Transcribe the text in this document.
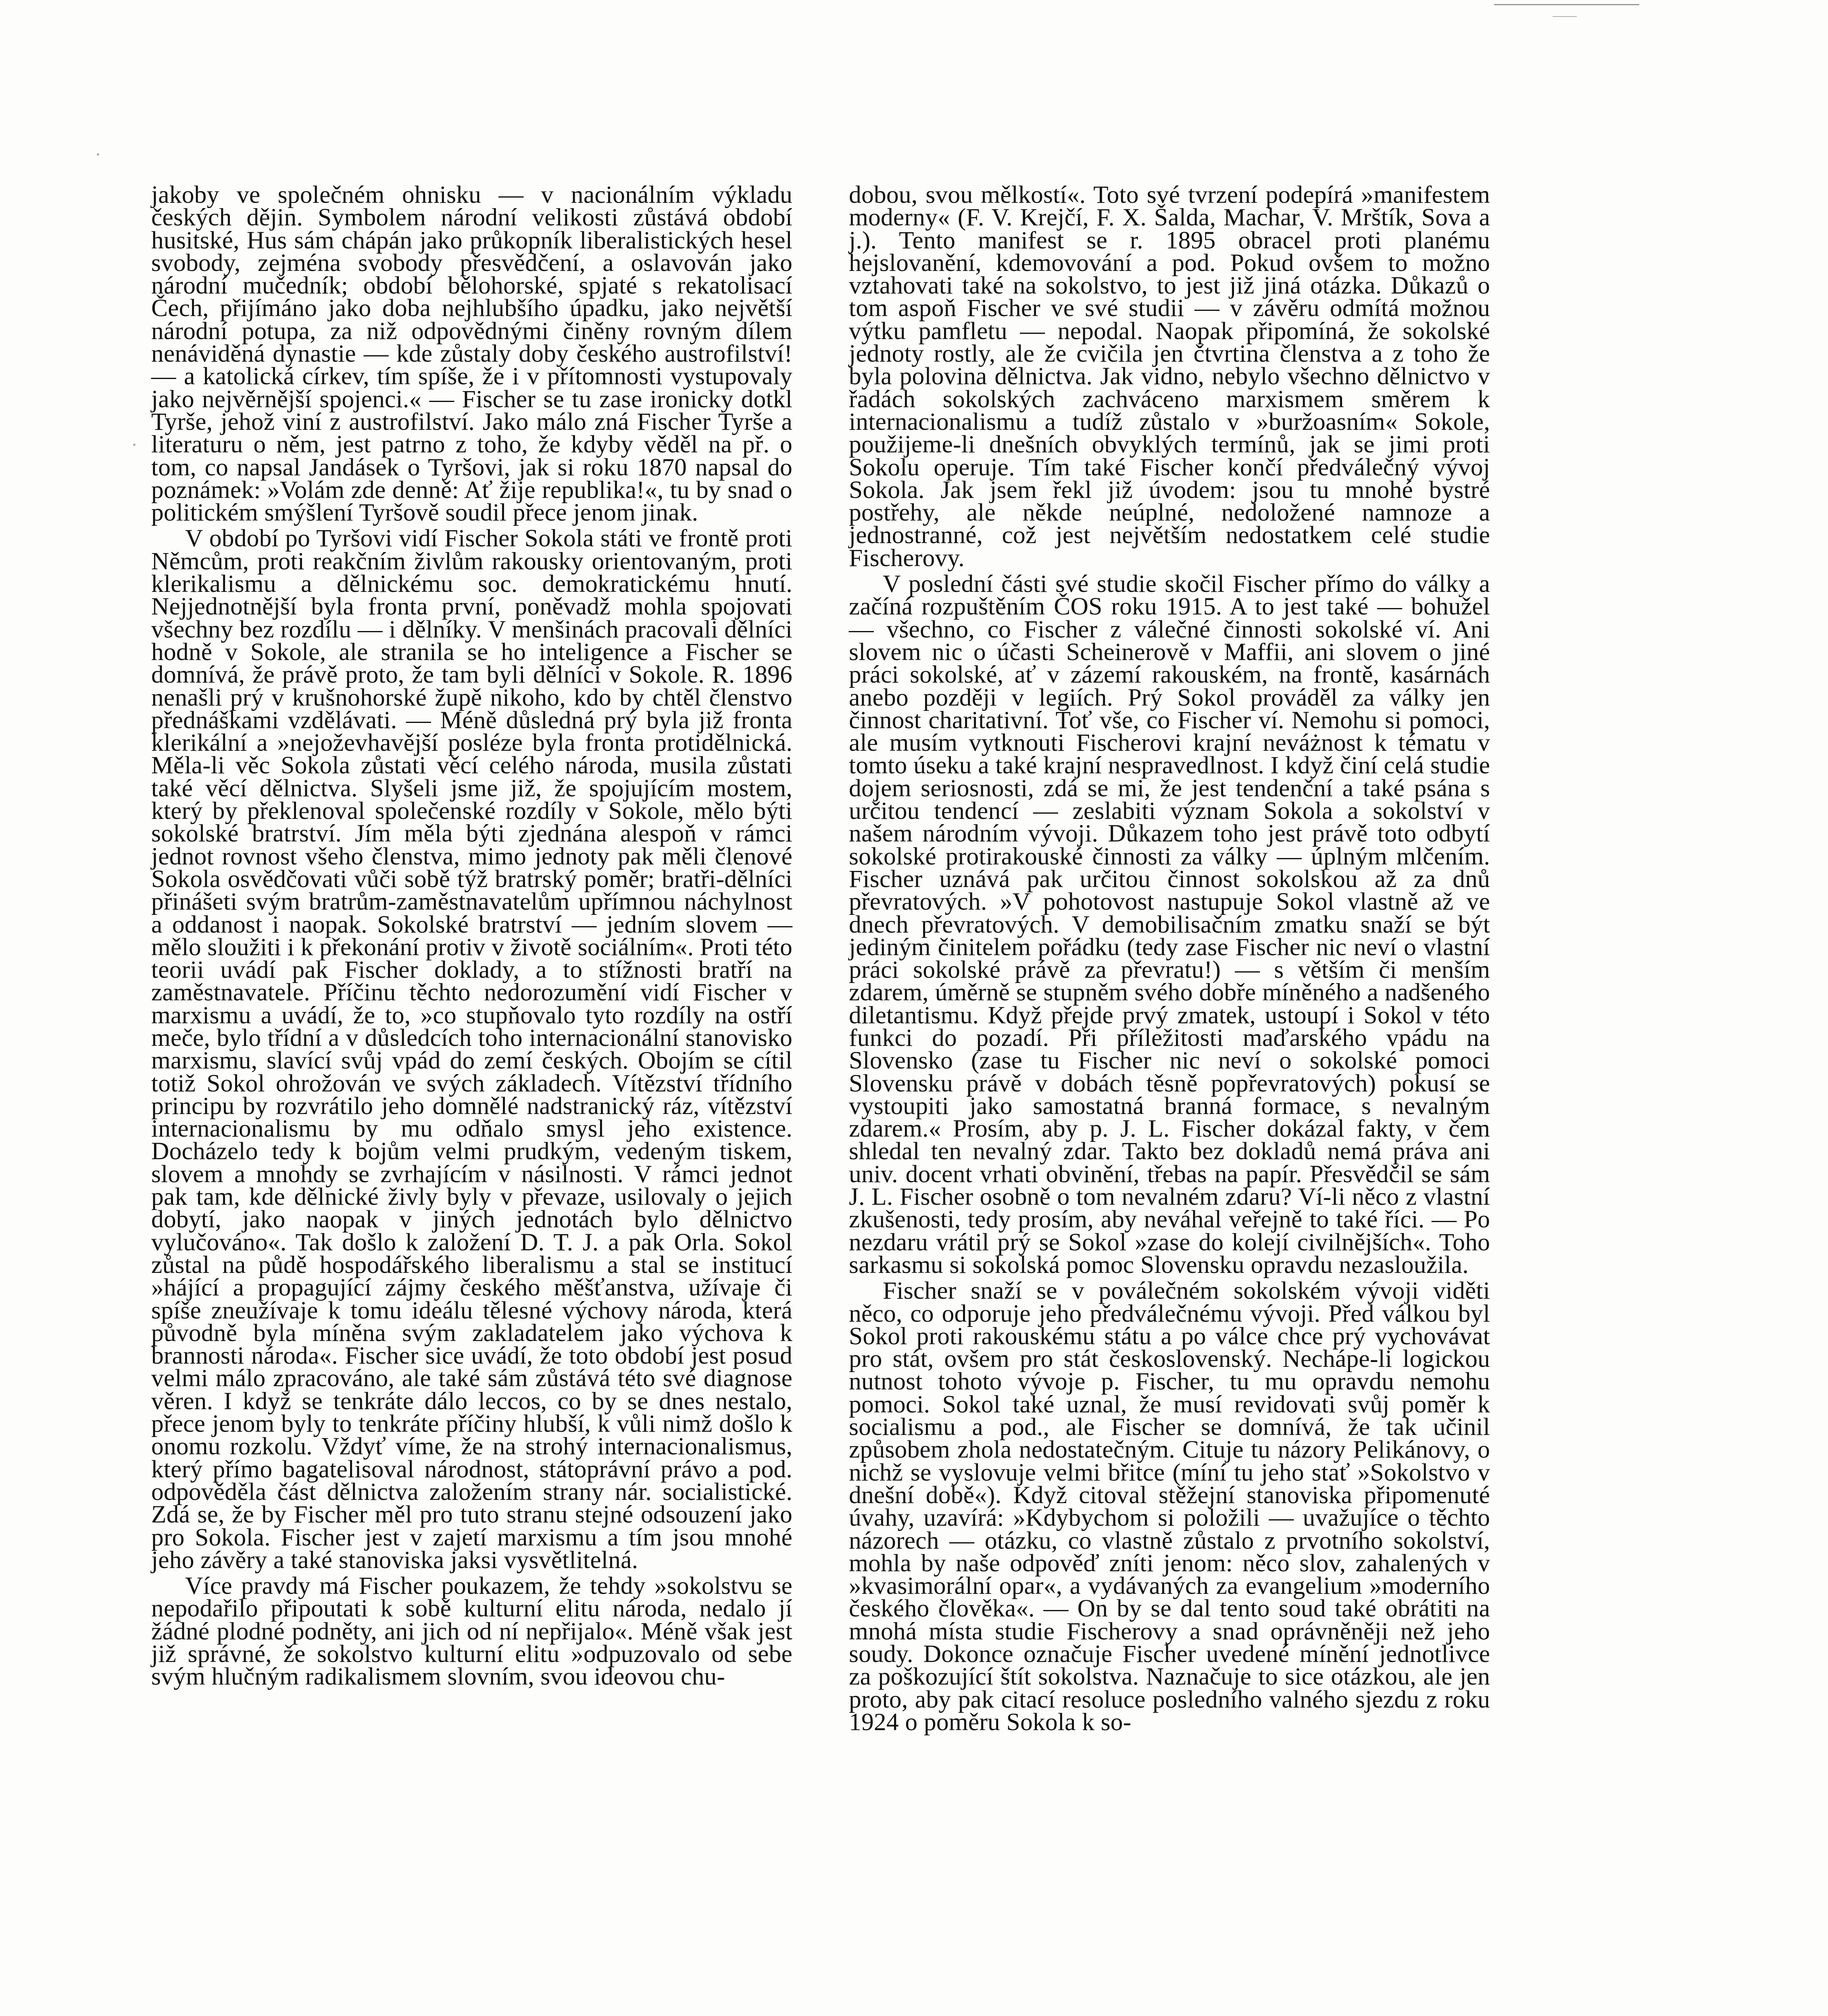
jakoby ve společném ohnisku — v nacionálním výkladu českých dějin. Symbolem národní velikosti zůstává období husitské, Hus sám chápán jako průkopník liberalistických hesel svobody, zejména svobody přesvědčení, a oslavován jako národní mučedník; období bělohorské, spjaté s rekatolisací Čech, přijímáno jako doba nejhlubšího úpadku, jako největší národní potupa, za niž odpovědnými činěny rovným dílem nenáviděná dynastie — kde zůstaly doby českého austrofilství! — a katolická církev, tím spíše, že i v přítomnosti vystupovaly jako nejvěrnější spojenci.« — Fischer se tu zase ironicky dotkl Tyrše, jehož viní z austrofilství. Jako málo zná Fischer Tyrše a literaturu o něm, jest patrno z toho, že kdyby věděl na př. o tom, co napsal Jandásek o Tyršovi, jak si roku 1870 napsal do poznámek: »Volám zde denně: Ať žije republika!«, tu by snad o politickém smýšlení Tyršově soudil přece jenom jinak.

V období po Tyršovi vidí Fischer Sokola státi ve frontě proti Němcům, proti reakčním živlům rakousky orientovaným, proti klerikalismu a dělnickému soc. demokratickému hnutí. Nejjednotnější byla fronta první, poněvadž mohla spojovati všechny bez rozdílu — i dělníky. V menšinách pracovali dělníci hodně v Sokole, ale stranila se ho inteligence a Fischer se domnívá, že právě proto, že tam byli dělníci v Sokole. R. 1896 nenašli prý v krušnohorské župě nikoho, kdo by chtěl členstvo přednáškami vzdělávati. — Méně důsledná prý byla již fronta klerikální a »nejoževhavější posléze byla fronta protidělnická. Měla-li věc Sokola zůstati věcí celého národa, musila zůstati také věcí dělnictva. Slyšeli jsme již, že spojujícím mostem, který by překlenoval společenské rozdíly v Sokole, mělo býti sokolské bratrství. Jím měla býti zjednána alespoň v rámci jednot rovnost všeho členstva, mimo jednoty pak měli členové Sokola osvědčovati vůči sobě týž bratrský poměr; bratři-dělníci přinášeti svým bratrům-zaměstnavatelům upřímnou náchylnost a oddanost i naopak. Sokolské bratrství — jedním slovem — mělo sloužiti i k překonání protiv v životě sociálním«. Proti této teorii uvádí pak Fischer doklady, a to stížnosti bratří na zaměstnavatele. Příčinu těchto nedorozumění vidí Fischer v marxismu a uvádí, že to, »co stupňovalo tyto rozdíly na ostří meče, bylo třídní a v důsledcích toho internacionální stanovisko marxismu, slavící svůj vpád do zemí českých. Obojím se cítil totiž Sokol ohrožován ve svých základech. Vítězství třídního principu by rozvrátilo jeho domnělé nadstranický ráz, vítězství internacionalismu by mu odňalo smysl jeho existence. Docházelo tedy k bojům velmi prudkým, vedeným tiskem, slovem a mnohdy se zvrhajícím v násilnosti. V rámci jednot pak tam, kde dělnické živly byly v převaze, usilovaly o jejich dobytí, jako naopak v jiných jednotách bylo dělnictvo vylučováno«. Tak došlo k založení D. T. J. a pak Orla. Sokol zůstal na půdě hospodářského liberalismu a stal se institucí »hájící a propagující zájmy českého měšťanstva, užívaje či spíše zneužívaje k tomu ideálu tělesné výchovy národa, která původně byla míněna svým zakladatelem jako výchova k brannosti národa«. Fischer sice uvádí, že toto období jest posud velmi málo zpracováno, ale také sám zůstává této své diagnose věren. I když se tenkráte dálo leccos, co by se dnes nestalo, přece jenom byly to tenkráte příčiny hlubší, k vůli nimž došlo k onomu rozkolu. Vždyť víme, že na strohý internacionalismus, který přímo bagatelisoval národnost, státoprávní právo a pod. odpověděla část dělnictva založením strany nár. socialistické. Zdá se, že by Fischer měl pro tuto stranu stejné odsouzení jako pro Sokola. Fischer jest v zajetí marxismu a tím jsou mnohé jeho závěry a také stanoviska jaksi vysvětlitelná.

Více pravdy má Fischer poukazem, že tehdy »sokolstvu se nepodařilo připoutati k sobě kulturní elitu národa, nedalo jí žádné plodné podněty, ani jich od ní nepřijalo«. Méně však jest již správné, že sokolstvo kulturní elitu »odpuzovalo od sebe svým hlučným radikalismem slovním, svou ideovou chu-

dobou, svou mělkostí«. Toto své tvrzení podepírá »manifestem moderny« (F. V. Krejčí, F. X. Šalda, Machar, V. Mrštík, Sova a j.). Tento manifest se r. 1895 obracel proti planému hejslovanění, kdemovování a pod. Pokud ovšem to možno vztahovati také na sokolstvo, to jest již jiná otázka. Důkazů o tom aspoň Fischer ve své studii — v závěru odmítá možnou výtku pamfletu — nepodal. Naopak připomíná, že sokolské jednoty rostly, ale že cvičila jen čtvrtina členstva a z toho že byla polovina dělnictva. Jak vidno, nebylo všechno dělnictvo v řadách sokolských zachváceno marxismem směrem k internacionalismu a tudíž zůstalo v »buržoasním« Sokole, použijeme-li dnešních obvyklých termínů, jak se jimi proti Sokolu operuje. Tím také Fischer končí předválečný vývoj Sokola. Jak jsem řekl již úvodem: jsou tu mnohé bystré postřehy, ale někde neúplné, nedoložené namnoze a jednostranné, což jest největším nedostatkem celé studie Fischerovy.

V poslední části své studie skočil Fischer přímo do války a začíná rozpuštěním ČOS roku 1915. A to jest také — bohužel — všechno, co Fischer z válečné činnosti sokolské ví. Ani slovem nic o účasti Scheinerově v Maffii, ani slovem o jiné práci sokolské, ať v zázemí rakouském, na frontě, kasárnách anebo později v legiích. Prý Sokol prováděl za války jen činnost charitativní. Toť vše, co Fischer ví. Nemohu si pomoci, ale musím vytknouti Fischerovi krajní neváżnost k tématu v tomto úseku a také krajní nespravedlnost. I když činí celá studie dojem seriosnosti, zdá se mi, že jest tendenční a také psána s určitou tendencí — zeslabiti význam Sokola a sokolství v našem národním vývoji. Důkazem toho jest právě toto odbytí sokolské protirakouské činnosti za války — úplným mlčením. Fischer uznává pak určitou činnost sokolskou až za dnů převratových. »V pohotovost nastupuje Sokol vlastně až ve dnech převratových. V demobilisačním zmatku snaží se být jediným činitelem pořádku (tedy zase Fischer nic neví o vlastní práci sokolské právě za převratu!) — s větším či menším zdarem, úměrně se stupněm svého dobře míněného a nadšeného diletantismu. Když přejde prvý zmatek, ustoupí i Sokol v této funkci do pozadí. Při příležitosti maďarského vpádu na Slovensko (zase tu Fischer nic neví o sokolské pomoci Slovensku právě v dobách těsně popřevratových) pokusí se vystoupiti jako samostatná branná formace, s nevalným zdarem.« Prosím, aby p. J. L. Fischer dokázal fakty, v čem shledal ten nevalný zdar. Takto bez dokladů nemá práva ani univ. docent vrhati obvinění, třebas na papír. Přesvědčil se sám J. L. Fischer osobně o tom nevalném zdaru? Ví-li něco z vlastní zkušenosti, tedy prosím, aby neváhal veřejně to také říci. — Po nezdaru vrátil prý se Sokol »zase do kolejí civilnějších«. Toho sarkasmu si sokolská pomoc Slovensku opravdu nezasloužila.

Fischer snaží se v poválečném sokolském vývoji viděti něco, co odporuje jeho předválečnému vývoji. Před válkou byl Sokol proti rakouskému státu a po válce chce prý vychovávat pro stát, ovšem pro stát československý. Nechápe-li logickou nutnost tohoto vývoje p. Fischer, tu mu opravdu nemohu pomoci. Sokol také uznal, že musí revidovati svůj poměr k socialismu a pod., ale Fischer se domnívá, že tak učinil způsobem zhola nedostatečným. Cituje tu názory Pelikánovy, o nichž se vyslovuje velmi břitce (míní tu jeho stať »Sokolstvo v dnešní době«). Když citoval stěžejní stanoviska připomenuté úvahy, uzavírá: »Kdybychom si položili — uvažujíce o těchto názorech — otázku, co vlastně zůstalo z prvotního sokolství, mohla by naše odpověď zníti jenom: něco slov, zahalených v »kvasimorální opar«, a vydávaných za evangelium »moderního českého člověka«. — On by se dal tento soud také obrátiti na mnohá místa studie Fischerovy a snad oprávněněji než jeho soudy. Dokonce označuje Fischer uvedené mínění jednotlivce za poškozující štít sokolstva. Naznačuje to sice otázkou, ale jen proto, aby pak citací resoluce posledního valného sjezdu z roku 1924 o poměru Sokola k so-
